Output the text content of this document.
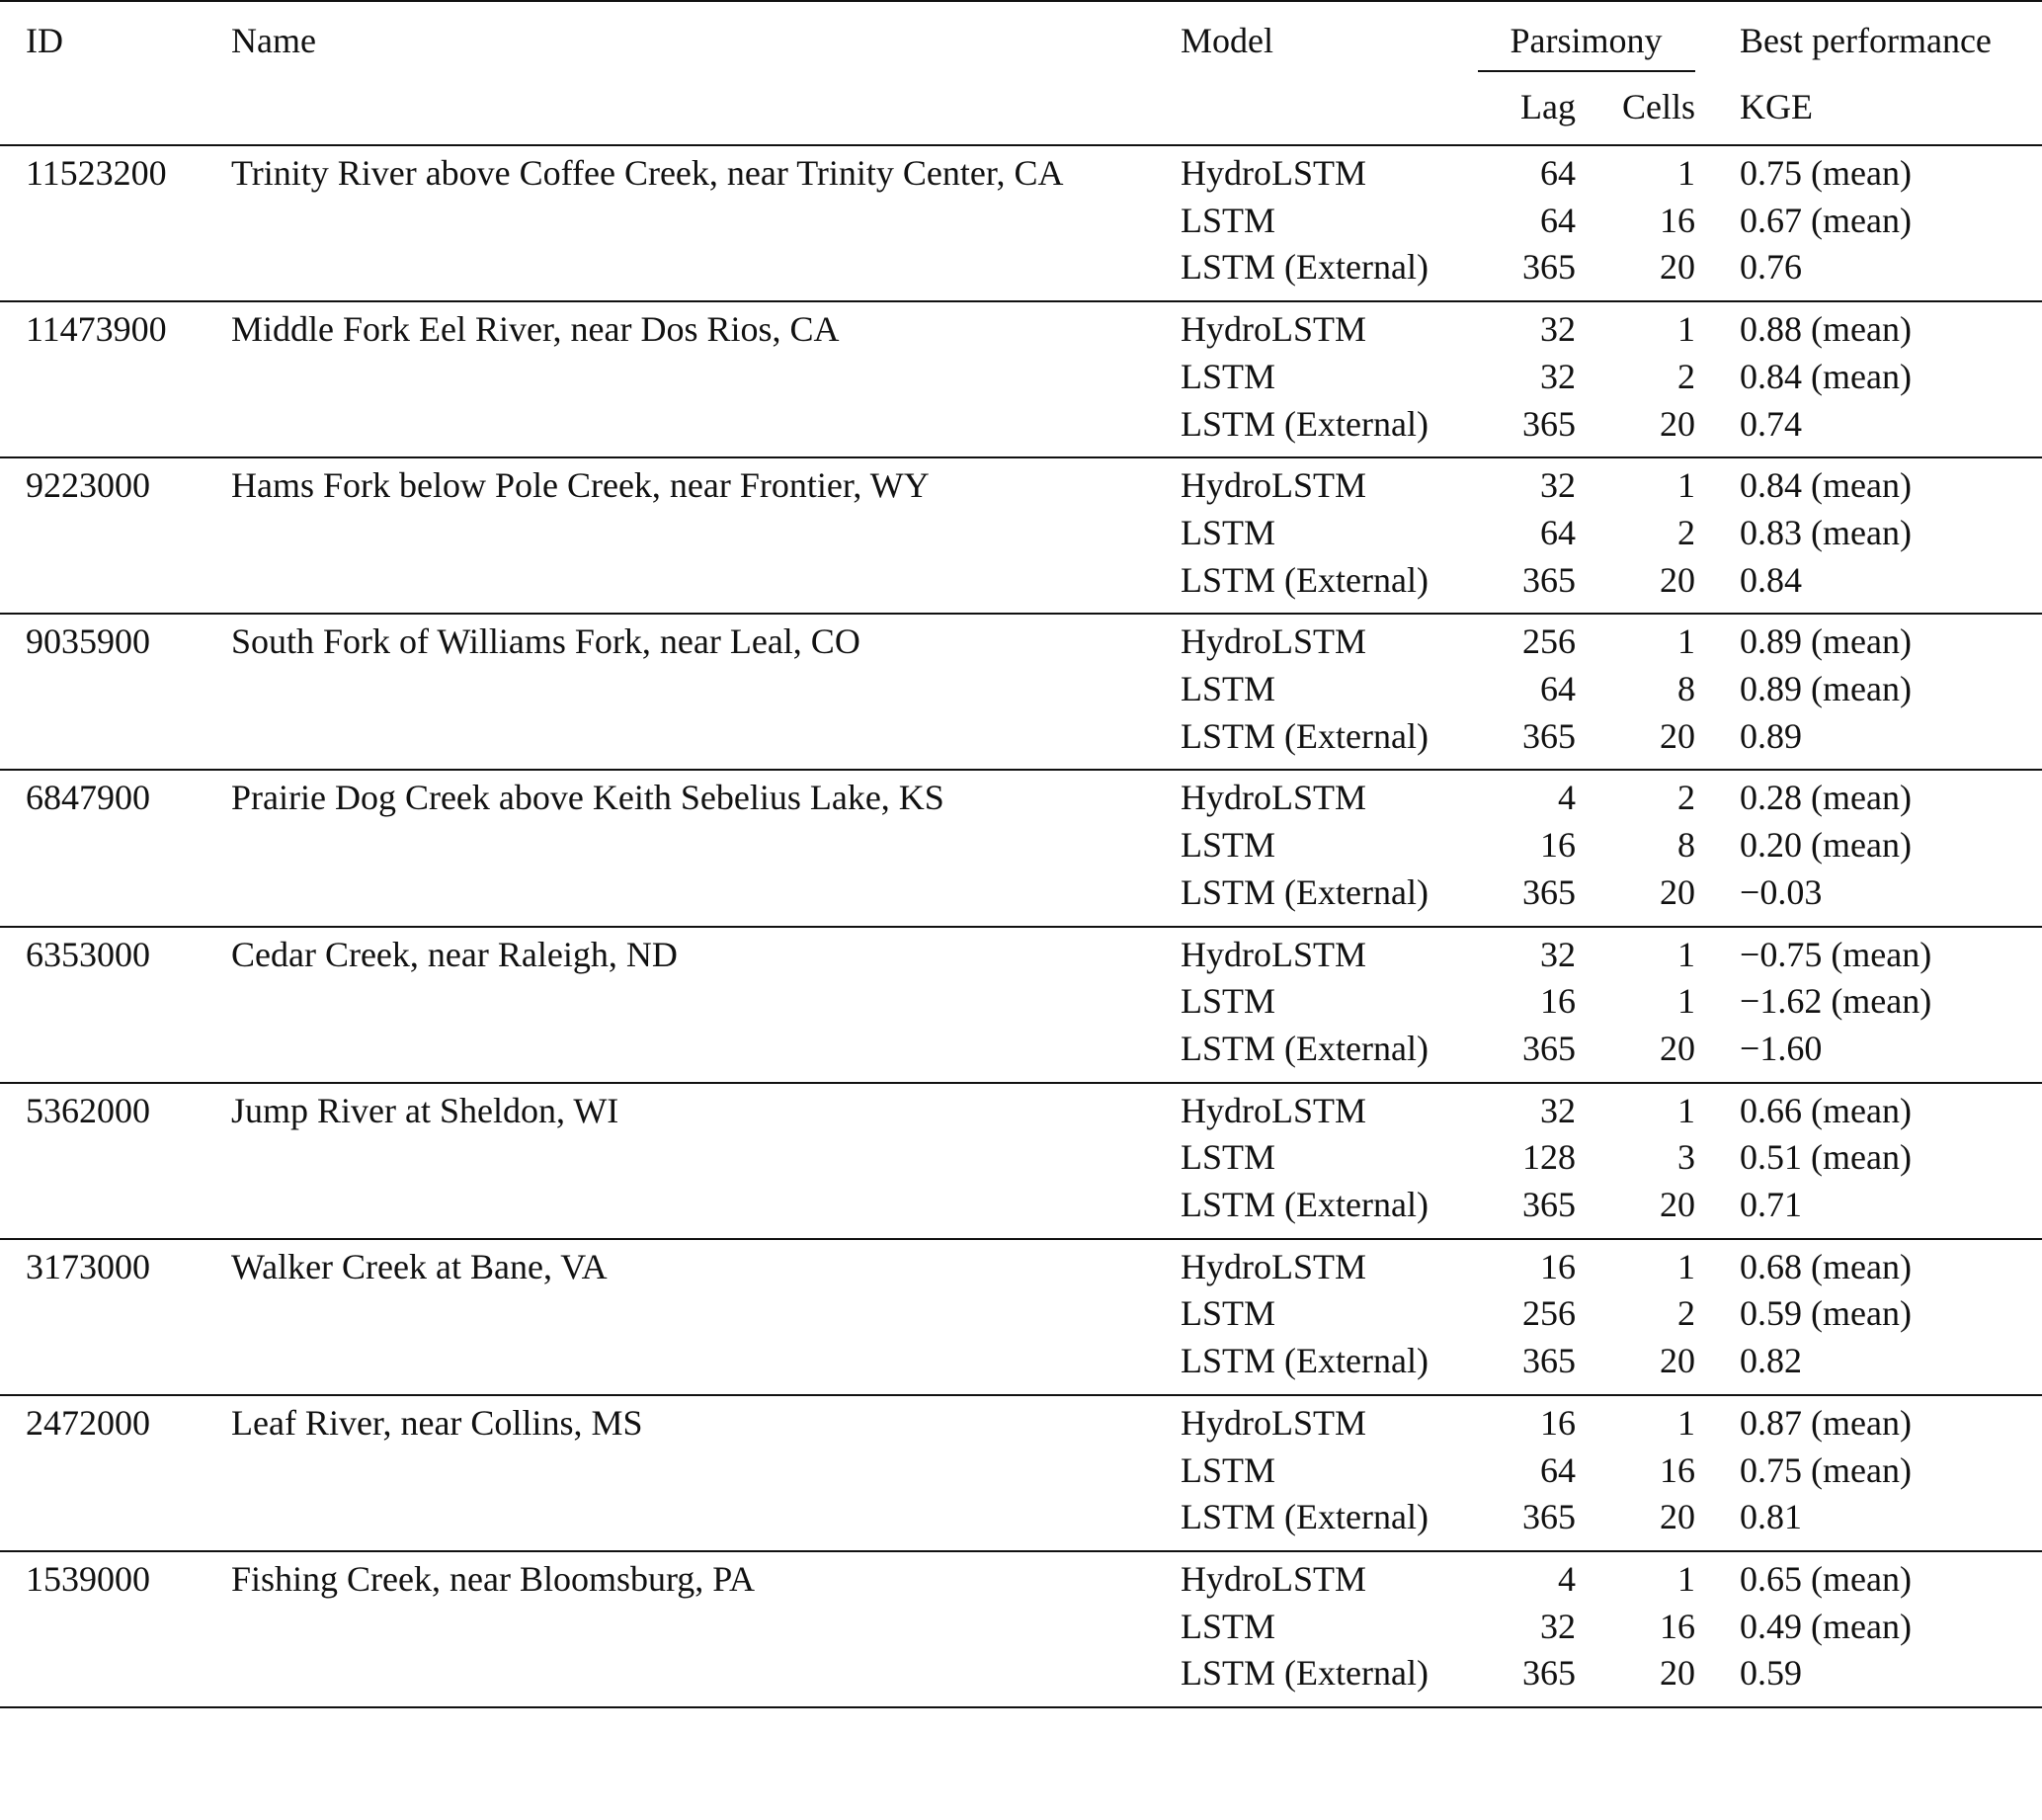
ID	Name	Model	Parsimony		Best performance
			Lag	Cells	KGE
11523200	Trinity River above Coffee Creek, near Trinity Center, CA	HydroLSTM	64	1	0.75 (mean)
		LSTM	64	16	0.67 (mean)
		LSTM (External)	365	20	0.76
11473900	Middle Fork Eel River, near Dos Rios, CA	HydroLSTM	32	1	0.88 (mean)
		LSTM	32	2	0.84 (mean)
		LSTM (External)	365	20	0.74
9223000	Hams Fork below Pole Creek, near Frontier, WY	HydroLSTM	32	1	0.84 (mean)
		LSTM	64	2	0.83 (mean)
		LSTM (External)	365	20	0.84
9035900	South Fork of Williams Fork, near Leal, CO	HydroLSTM	256	1	0.89 (mean)
		LSTM	64	8	0.89 (mean)
		LSTM (External)	365	20	0.89
6847900	Prairie Dog Creek above Keith Sebelius Lake, KS	HydroLSTM	4	2	0.28 (mean)
		LSTM	16	8	0.20 (mean)
		LSTM (External)	365	20	−0.03
6353000	Cedar Creek, near Raleigh, ND	HydroLSTM	32	1	−0.75 (mean)
		LSTM	16	1	−1.62 (mean)
		LSTM (External)	365	20	−1.60
5362000	Jump River at Sheldon, WI	HydroLSTM	32	1	0.66 (mean)
		LSTM	128	3	0.51 (mean)
		LSTM (External)	365	20	0.71
3173000	Walker Creek at Bane, VA	HydroLSTM	16	1	0.68 (mean)
		LSTM	256	2	0.59 (mean)
		LSTM (External)	365	20	0.82
2472000	Leaf River, near Collins, MS	HydroLSTM	16	1	0.87 (mean)
		LSTM	64	16	0.75 (mean)
		LSTM (External)	365	20	0.81
1539000	Fishing Creek, near Bloomsburg, PA	HydroLSTM	4	1	0.65 (mean)
		LSTM	32	16	0.49 (mean)
		LSTM (External)	365	20	0.59
